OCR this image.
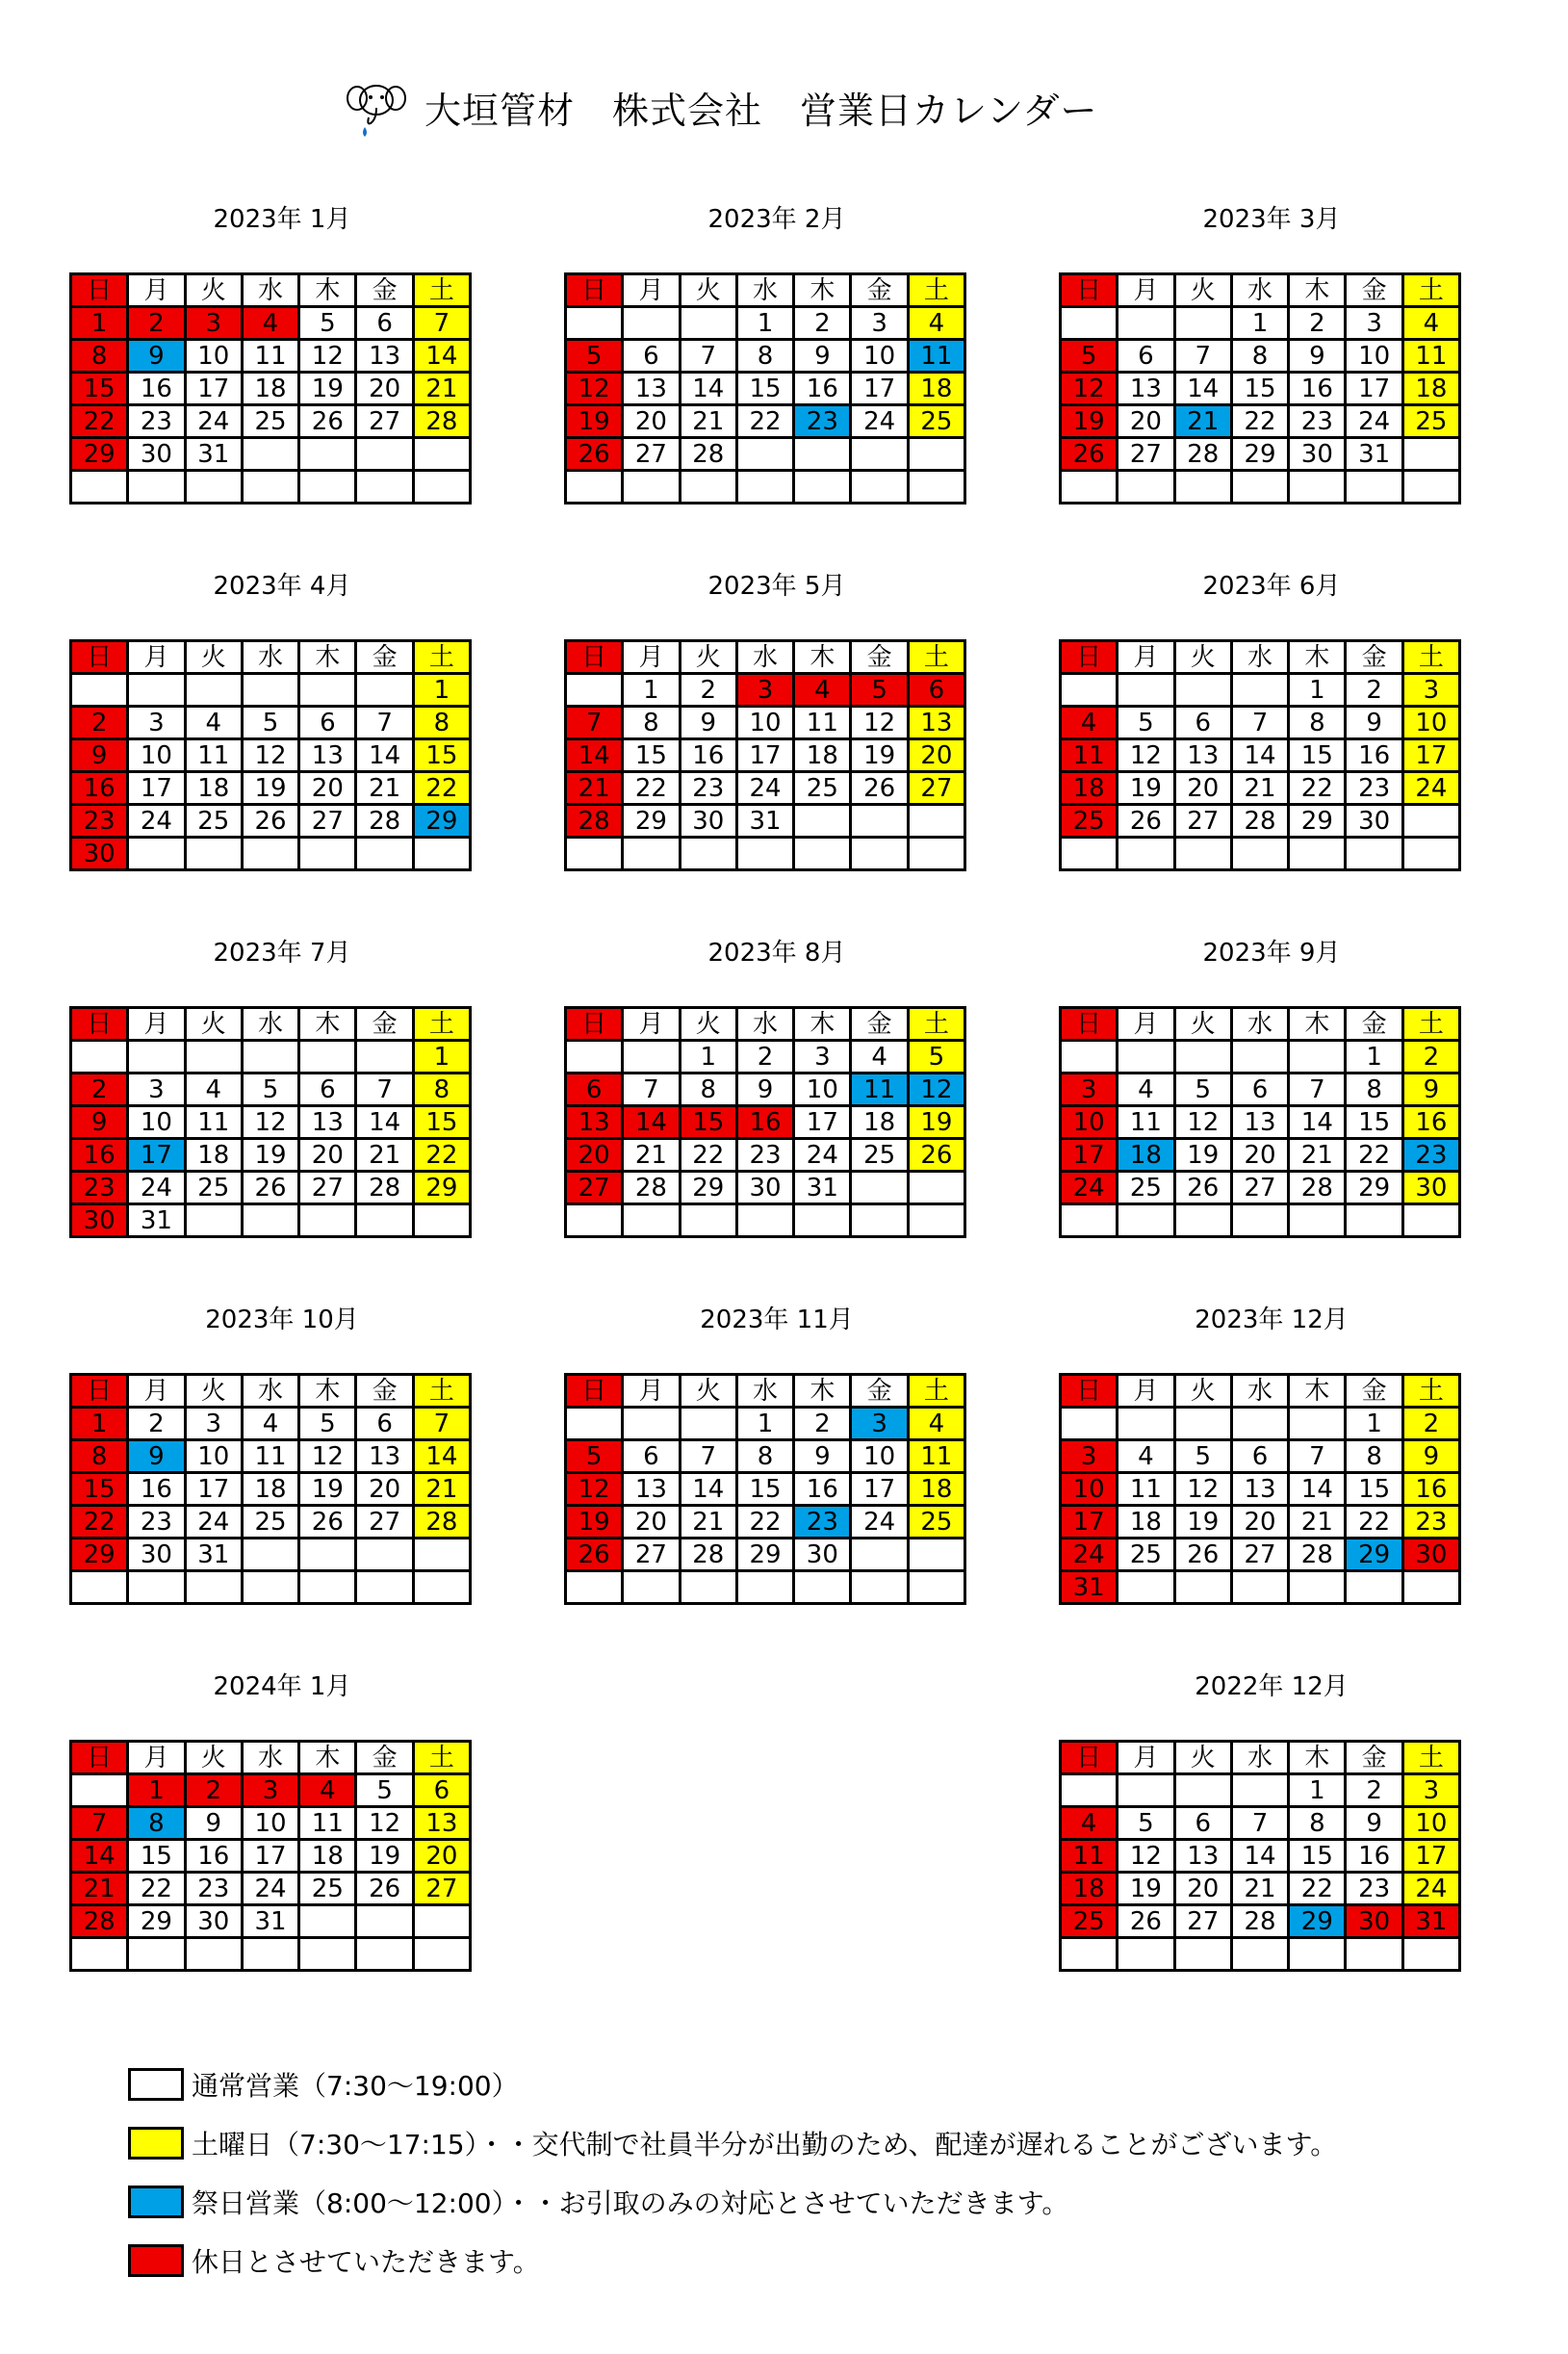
大垣管材　株式会社　営業日カレンダー
2023年 1月
日	月	火	水	木	金	土
1	2	3	4	5	6	7
8	9	10	11	12	13	14
15	16	17	18	19	20	21
22	23	24	25	26	27	28
29	30	31				

2023年 2月
日	月	火	水	木	金	土
			1	2	3	4
5	6	7	8	9	10	11
12	13	14	15	16	17	18
19	20	21	22	23	24	25
26	27	28				

2023年 3月
日	月	火	水	木	金	土
			1	2	3	4
5	6	7	8	9	10	11
12	13	14	15	16	17	18
19	20	21	22	23	24	25
26	27	28	29	30	31	

2023年 4月
日	月	火	水	木	金	土
						1
2	3	4	5	6	7	8
9	10	11	12	13	14	15
16	17	18	19	20	21	22
23	24	25	26	27	28	29
30						
2023年 5月
日	月	火	水	木	金	土
	1	2	3	4	5	6
7	8	9	10	11	12	13
14	15	16	17	18	19	20
21	22	23	24	25	26	27
28	29	30	31			

2023年 6月
日	月	火	水	木	金	土
				1	2	3
4	5	6	7	8	9	10
11	12	13	14	15	16	17
18	19	20	21	22	23	24
25	26	27	28	29	30	

2023年 7月
日	月	火	水	木	金	土
						1
2	3	4	5	6	7	8
9	10	11	12	13	14	15
16	17	18	19	20	21	22
23	24	25	26	27	28	29
30	31					
2023年 8月
日	月	火	水	木	金	土
		1	2	3	4	5
6	7	8	9	10	11	12
13	14	15	16	17	18	19
20	21	22	23	24	25	26
27	28	29	30	31		

2023年 9月
日	月	火	水	木	金	土
					1	2
3	4	5	6	7	8	9
10	11	12	13	14	15	16
17	18	19	20	21	22	23
24	25	26	27	28	29	30

2023年 10月
日	月	火	水	木	金	土
1	2	3	4	5	6	7
8	9	10	11	12	13	14
15	16	17	18	19	20	21
22	23	24	25	26	27	28
29	30	31				

2023年 11月
日	月	火	水	木	金	土
			1	2	3	4
5	6	7	8	9	10	11
12	13	14	15	16	17	18
19	20	21	22	23	24	25
26	27	28	29	30		

2023年 12月
日	月	火	水	木	金	土
					1	2
3	4	5	6	7	8	9
10	11	12	13	14	15	16
17	18	19	20	21	22	23
24	25	26	27	28	29	30
31						
2024年 1月
日	月	火	水	木	金	土
	1	2	3	4	5	6
7	8	9	10	11	12	13
14	15	16	17	18	19	20
21	22	23	24	25	26	27
28	29	30	31			

2022年 12月
日	月	火	水	木	金	土
				1	2	3
4	5	6	7	8	9	10
11	12	13	14	15	16	17
18	19	20	21	22	23	24
25	26	27	28	29	30	31

通常営業（7:30〜19:00）
土曜日（7:30〜17:15）・・交代制で社員半分が出勤のため、配達が遅れることがございます。
祭日営業（8:00〜12:00）・・お引取のみの対応とさせていただきます。
休日とさせていただきます。
